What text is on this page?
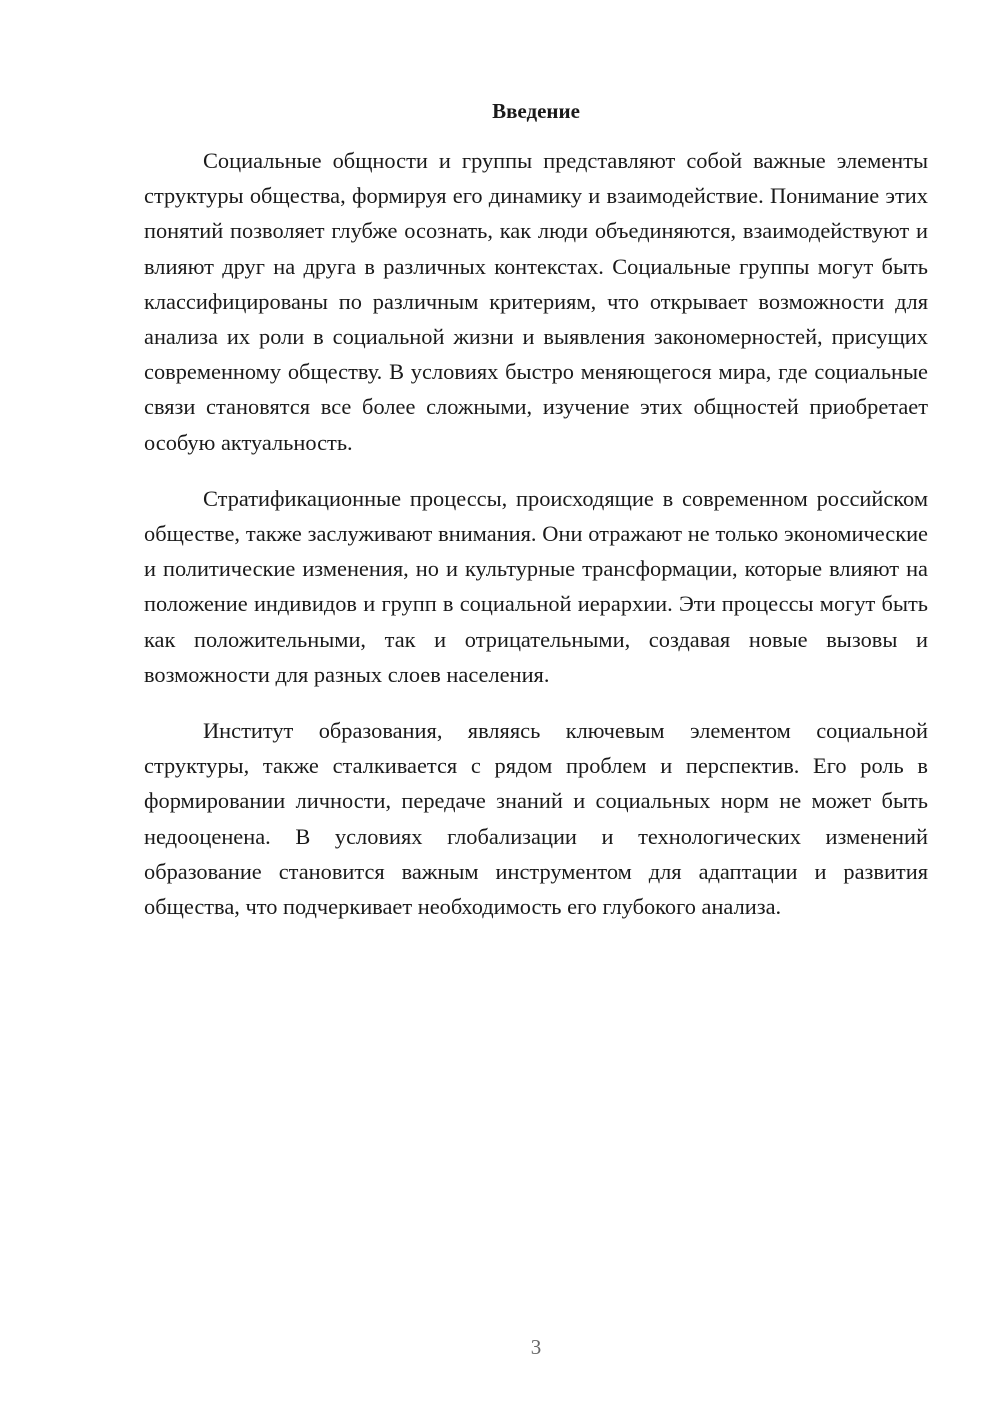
Введение

Социальные общности и группы представляют собой важные элементы структуры общества, формируя его динамику и взаимодействие. Понимание этих понятий позволяет глубже осознать, как люди объединяются, взаимодействуют и влияют друг на друга в различных контекстах. Социальные группы могут быть классифицированы по различным критериям, что открывает возможности для анализа их роли в социальной жизни и выявления закономерностей, присущих современному обществу. В условиях быстро меняющегося мира, где социальные связи становятся все более сложными, изучение этих общностей приобретает особую актуальность.

Стратификационные процессы, происходящие в современном российском обществе, также заслуживают внимания. Они отражают не только экономические и политические изменения, но и культурные трансформации, которые влияют на положение индивидов и групп в социальной иерархии. Эти процессы могут быть как положительными, так и отрицательными, создавая новые вызовы и возможности для разных слоев населения.

Институт образования, являясь ключевым элементом социальной структуры, также сталкивается с рядом проблем и перспектив. Его роль в формировании личности, передаче знаний и социальных норм не может быть недооценена. В условиях глобализации и технологических изменений образование становится важным инструментом для адаптации и развития общества, что подчеркивает необходимость его глубокого анализа.

3
